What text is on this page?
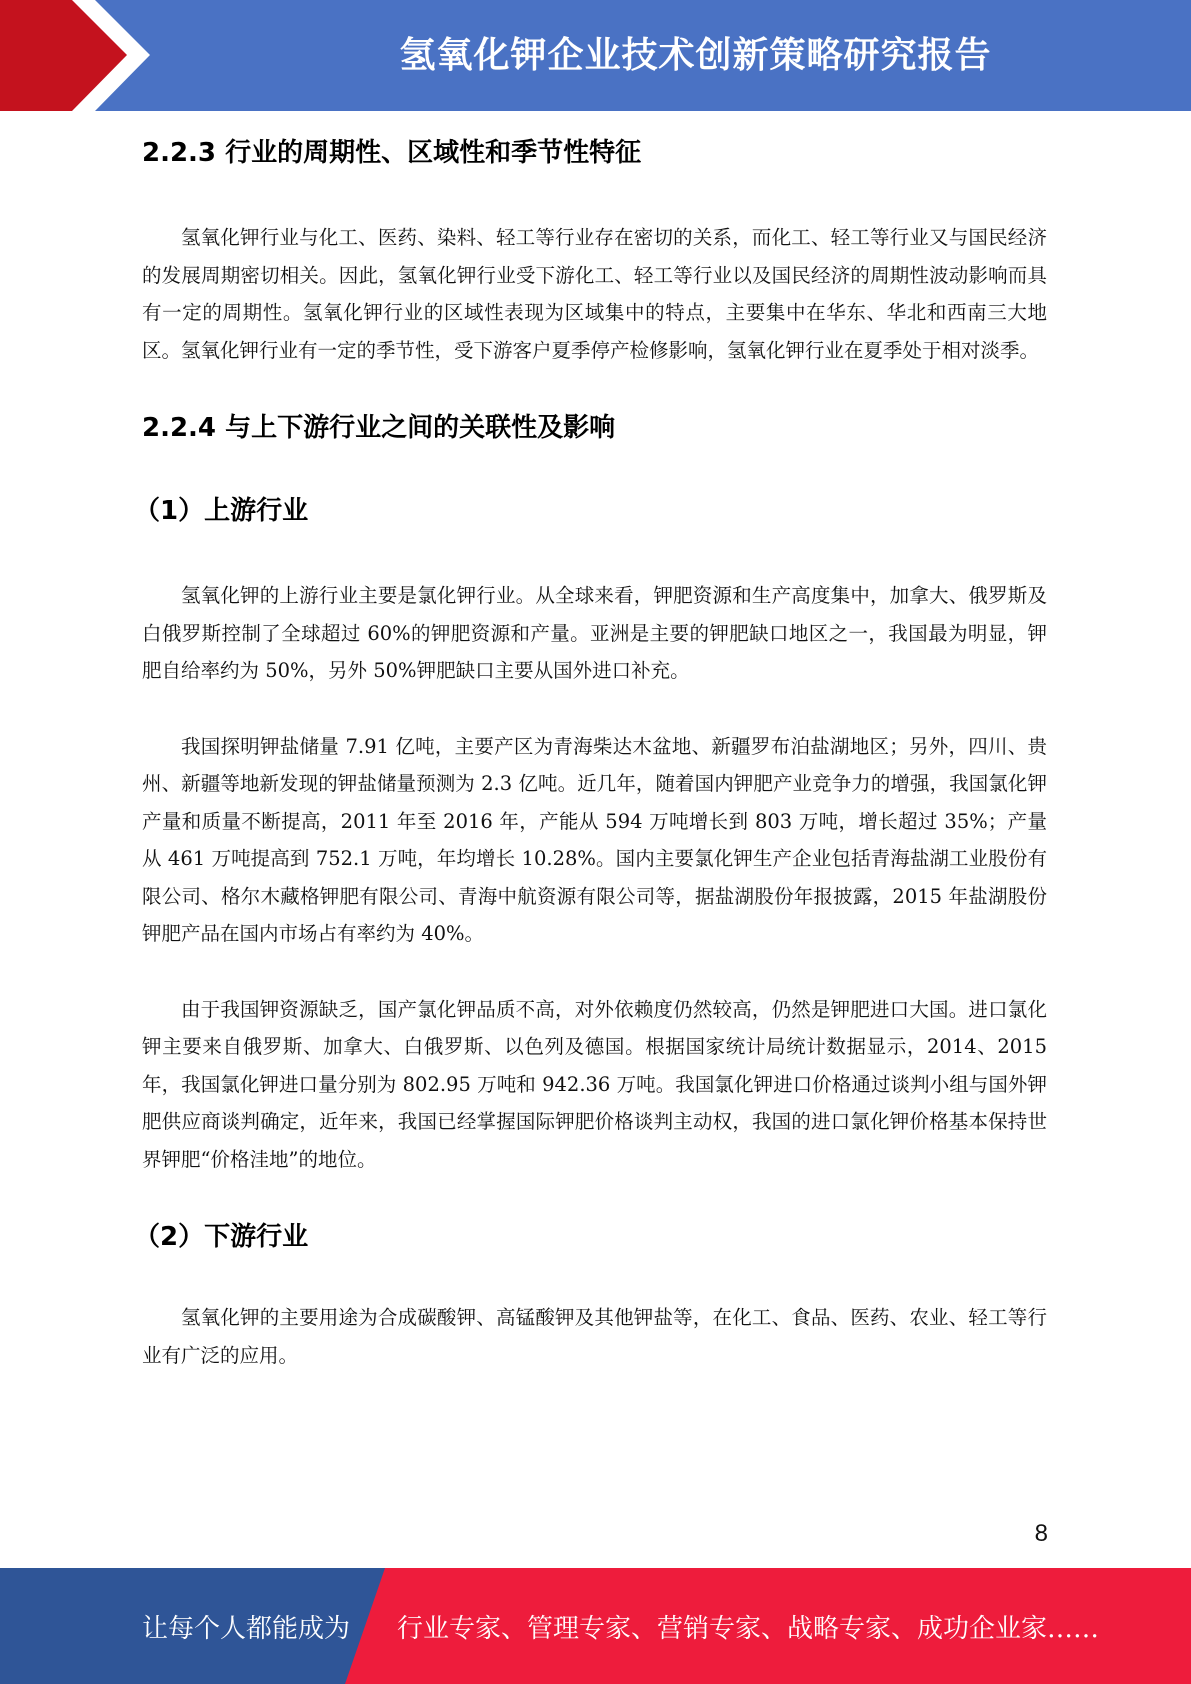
氢氧化钾企业技术创新策略研究报告
2.2.3 行业的周期性、区域性和季节性特征

氢氧化钾行业与化工、医药、染料、轻工等行业存在密切的关系，而化工、轻工等行业又与国民经济的发展周期密切相关。因此，氢氧化钾行业受下游化工、轻工等行业以及国民经济的周期性波动影响而具有一定的周期性。氢氧化钾行业的区域性表现为区域集中的特点，主要集中在华东、华北和西南三大地区。氢氧化钾行业有一定的季节性，受下游客户夏季停产检修影响，氢氧化钾行业在夏季处于相对淡季。

2.2.4 与上下游行业之间的关联性及影响
（1）上游行业

氢氧化钾的上游行业主要是氯化钾行业。从全球来看，钾肥资源和生产高度集中，加拿大、俄罗斯及白俄罗斯控制了全球超过 60%的钾肥资源和产量。亚洲是主要的钾肥缺口地区之一，我国最为明显，钾肥自给率约为 50%，另外 50%钾肥缺口主要从国外进口补充。

我国探明钾盐储量 7.91 亿吨，主要产区为青海柴达木盆地、新疆罗布泊盐湖地区；另外，四川、贵州、新疆等地新发现的钾盐储量预测为 2.3 亿吨。近几年，随着国内钾肥产业竞争力的增强，我国氯化钾产量和质量不断提高，2011 年至 2016 年，产能从 594 万吨增长到 803 万吨，增长超过 35%；产量从 461 万吨提高到 752.1 万吨，年均增长 10.28%。国内主要氯化钾生产企业包括青海盐湖工业股份有限公司、格尔木藏格钾肥有限公司、青海中航资源有限公司等，据盐湖股份年报披露，2015 年盐湖股份钾肥产品在国内市场占有率约为 40%。

由于我国钾资源缺乏，国产氯化钾品质不高，对外依赖度仍然较高，仍然是钾肥进口大国。进口氯化钾主要来自俄罗斯、加拿大、白俄罗斯、以色列及德国。根据国家统计局统计数据显示，2014、2015 年，我国氯化钾进口量分别为 802.95 万吨和 942.36 万吨。我国氯化钾进口价格通过谈判小组与国外钾肥供应商谈判确定，近年来，我国已经掌握国际钾肥价格谈判主动权，我国的进口氯化钾价格基本保持世界钾肥“价格洼地”的地位。

（2）下游行业

氢氧化钾的主要用途为合成碳酸钾、高锰酸钾及其他钾盐等，在化工、食品、医药、农业、轻工等行业有广泛的应用。

8
让每个人都能成为 行业专家、管理专家、营销专家、战略专家、成功企业家……
